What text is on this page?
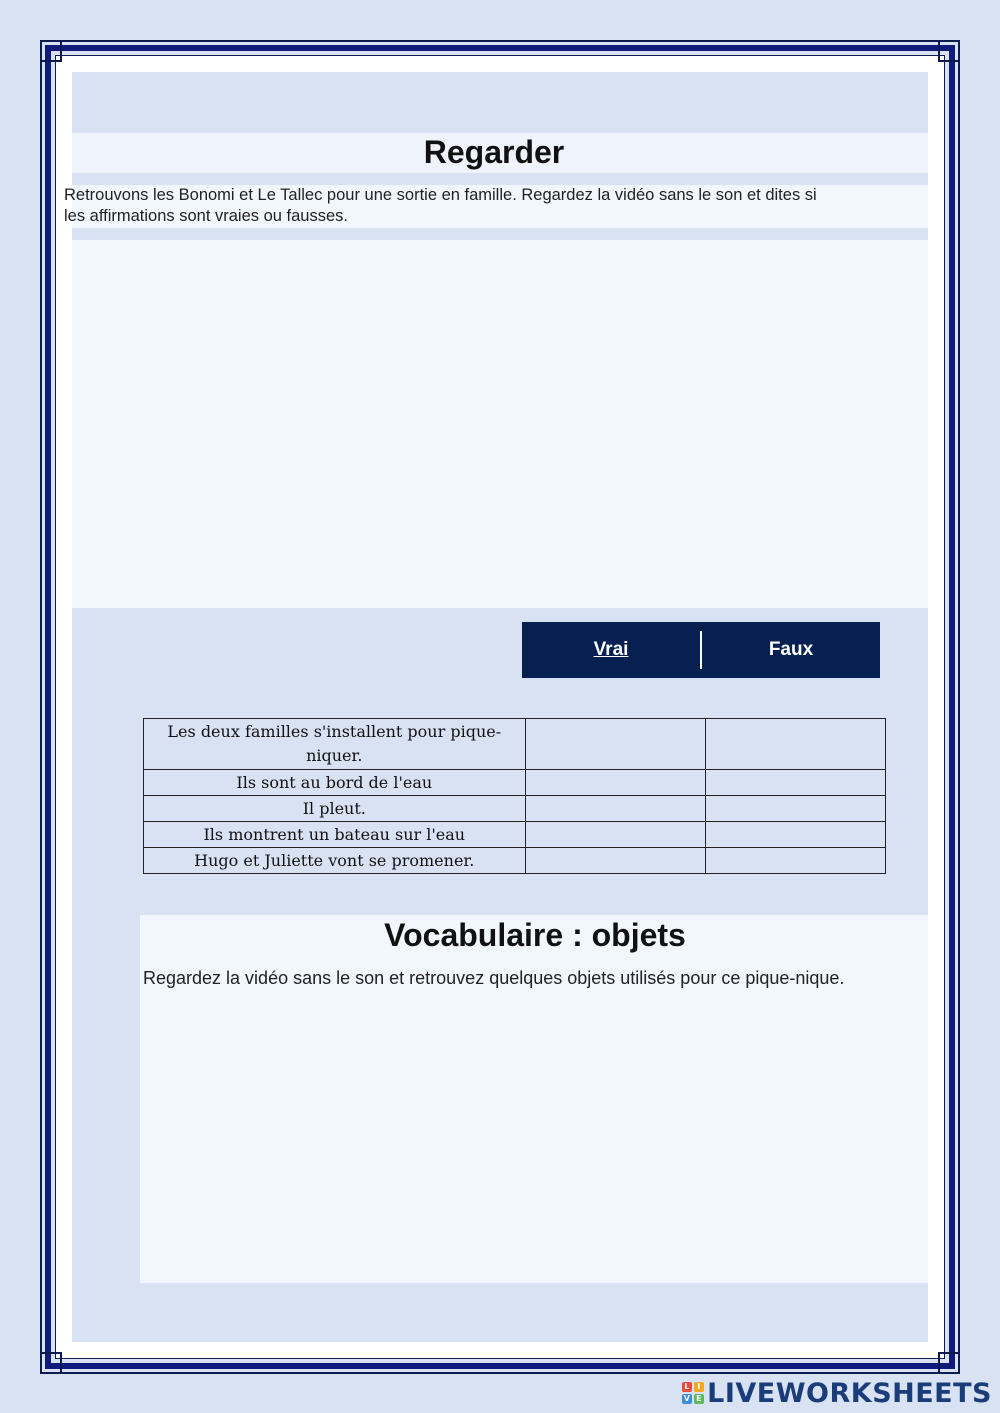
Regarder

Retrouvons les Bonomi et Le Tallec pour une sortie en famille. Regardez la vidéo sans le son et dites si
les affirmations sont vraies ou fausses.

Vrai	Faux
Les deux familles s'installent pour pique-niquer.		
Ils sont au bord de l'eau		
Il pleut.		
Ils montrent un bateau sur l'eau		
Hugo et Juliette vont se promener.		
Vocabulaire : objets

Regardez la vidéo sans le son et retrouvez quelques objets utilisés pour ce pique-nique.

L I
V E LIVEWORKSHEETS
